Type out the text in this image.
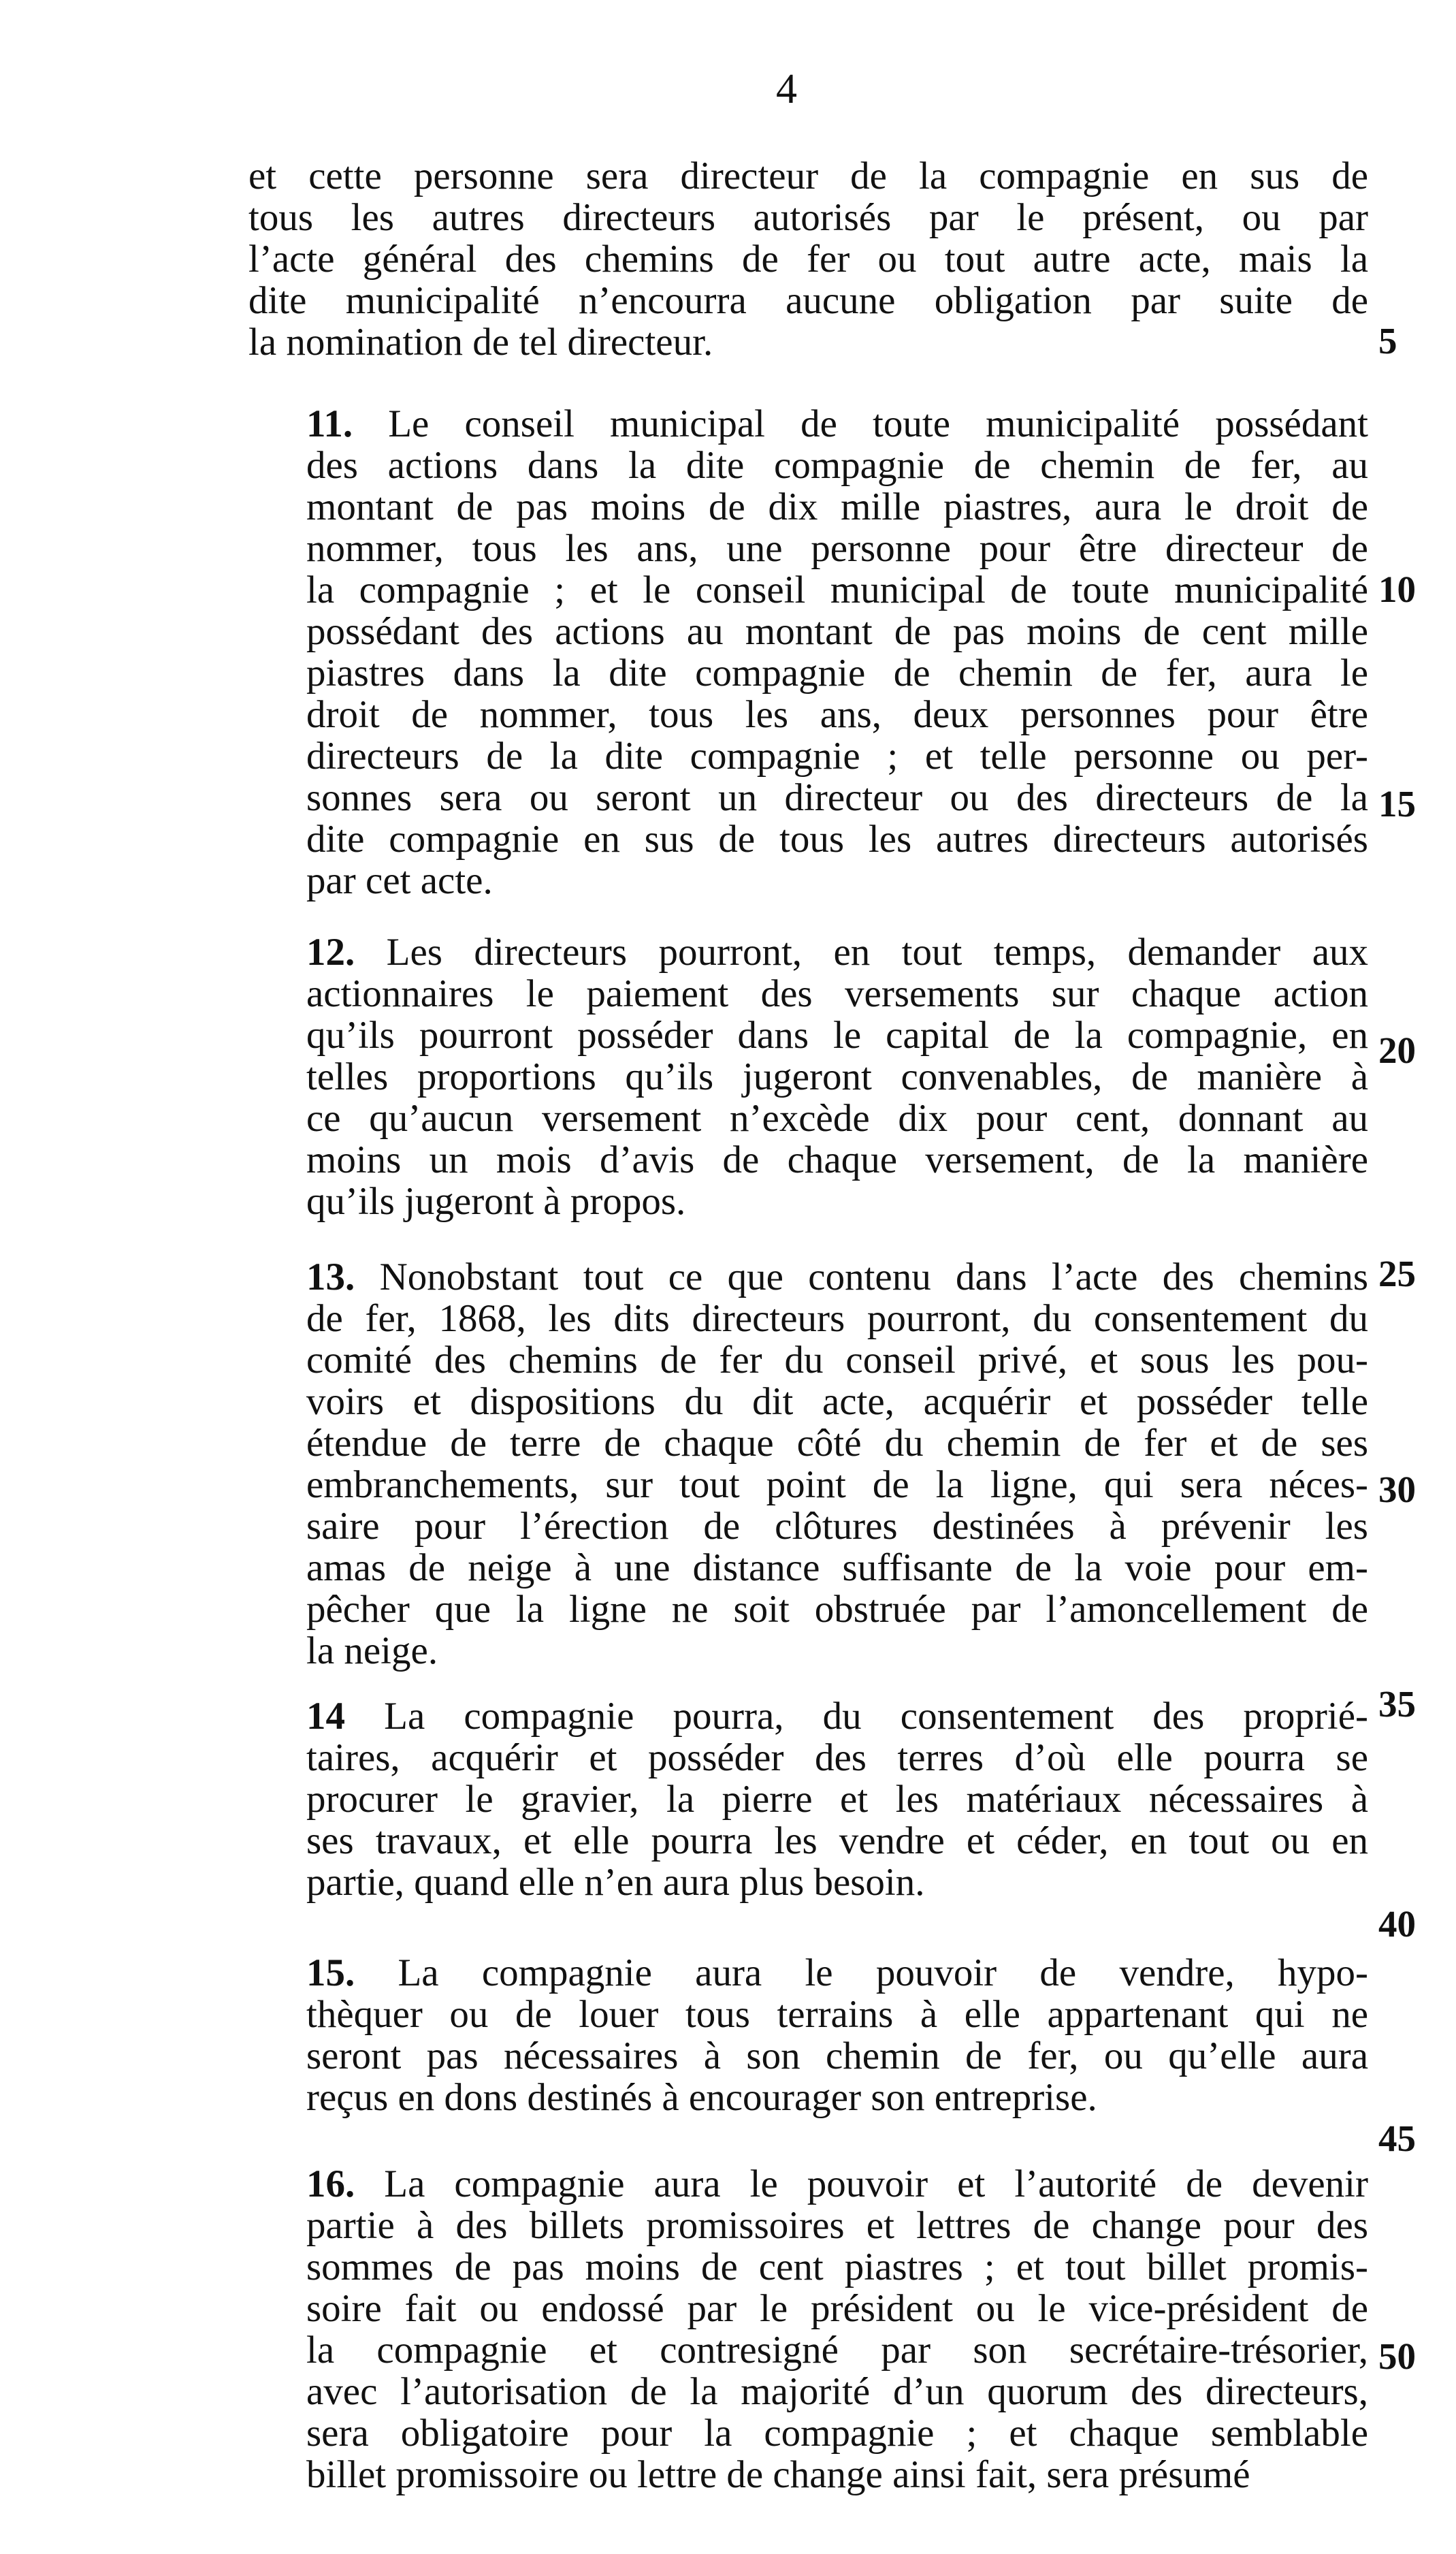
4
et cette personne sera directeur de la compagnie en sus de
tous les autres directeurs autorisés par le présent, ou par
l’acte général des chemins de fer ou tout autre acte, mais la
dite municipalité n’encourra aucune obligation par suite de
la nomination de tel directeur.
11. Le conseil municipal de toute municipalité possédant
des actions dans la dite compagnie de chemin de fer, au
montant de pas moins de dix mille piastres, aura le droit de
nommer, tous les ans, une personne pour être directeur de
la compagnie ; et le conseil municipal de toute municipalité
possédant des actions au montant de pas moins de cent mille
piastres dans la dite compagnie de chemin de fer, aura le
droit de nommer, tous les ans, deux personnes pour être
directeurs de la dite compagnie ; et telle personne ou per-
sonnes sera ou seront un directeur ou des directeurs de la
dite compagnie en sus de tous les autres directeurs autorisés
par cet acte.
12. Les directeurs pourront, en tout temps, demander aux
actionnaires le paiement des versements sur chaque action
qu’ils pourront posséder dans le capital de la compagnie, en
telles proportions qu’ils jugeront convenables, de manière à
ce qu’aucun versement n’excède dix pour cent, donnant au
moins un mois d’avis de chaque versement, de la manière
qu’ils jugeront à propos.
13. Nonobstant tout ce que contenu dans l’acte des chemins
de fer, 1868, les dits directeurs pourront, du consentement du
comité des chemins de fer du conseil privé, et sous les pou-
voirs et dispositions du dit acte, acquérir et posséder telle
étendue de terre de chaque côté du chemin de fer et de ses
embranchements, sur tout point de la ligne, qui sera néces-
saire pour l’érection de clôtures destinées à prévenir les
amas de neige à une distance suffisante de la voie pour em-
pêcher que la ligne ne soit obstruée par l’amoncellement de
la neige.
14 La compagnie pourra, du consentement des proprié-
taires, acquérir et posséder des terres d’où elle pourra se
procurer le gravier, la pierre et les matériaux nécessaires à
ses travaux, et elle pourra les vendre et céder, en tout ou en
partie, quand elle n’en aura plus besoin.
15. La compagnie aura le pouvoir de vendre, hypo-
thèquer ou de louer tous terrains à elle appartenant qui ne
seront pas nécessaires à son chemin de fer, ou qu’elle aura
reçus en dons destinés à encourager son entreprise.
16. La compagnie aura le pouvoir et l’autorité de devenir
partie à des billets promissoires et lettres de change pour des
sommes de pas moins de cent piastres ; et tout billet promis-
soire fait ou endossé par le président ou le vice-président de
la compagnie et contresigné par son secrétaire-trésorier,
avec l’autorisation de la majorité d’un quorum des directeurs,
sera obligatoire pour la compagnie ; et chaque semblable
billet promissoire ou lettre de change ainsi fait, sera présumé
5
10
15
20
25
30
35
40
45
50
